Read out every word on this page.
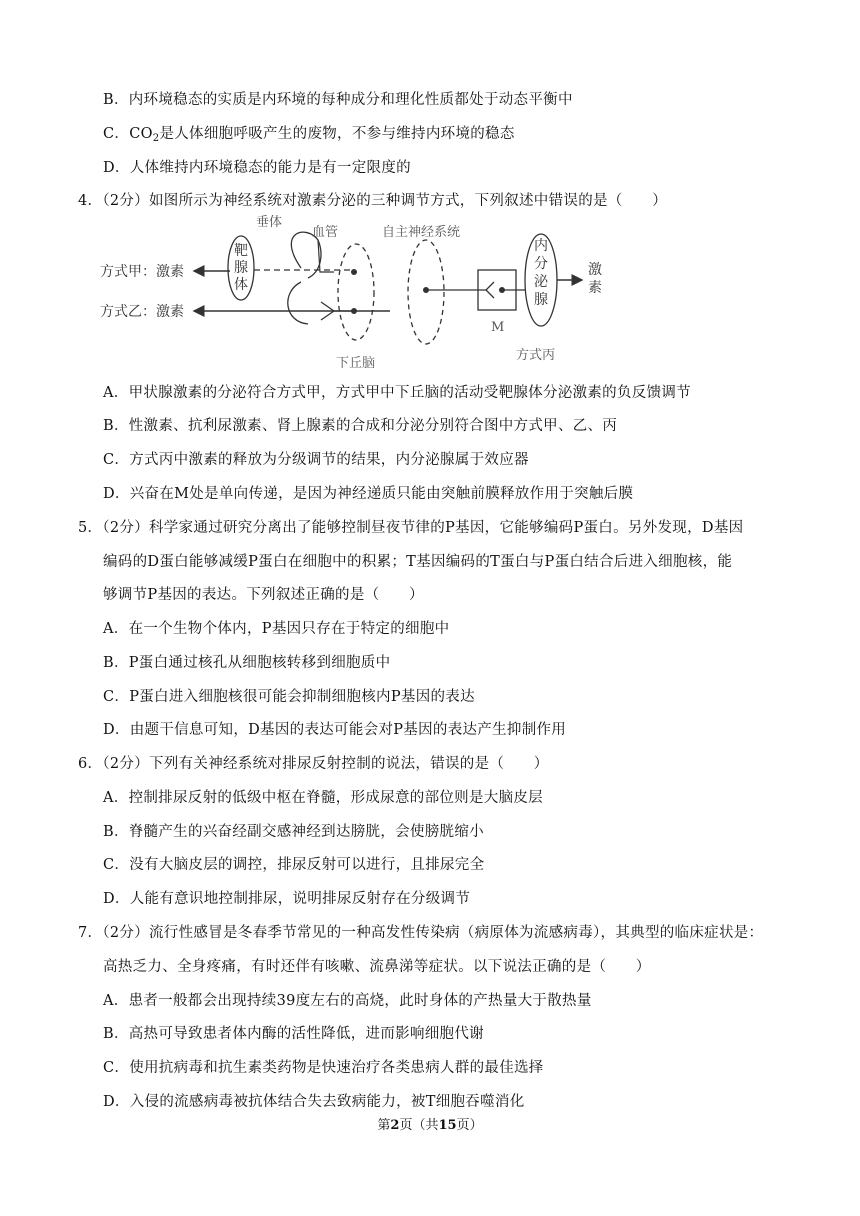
B．内环境稳态的实质是内环境的每种成分和理化性质都处于动态平衡中
C．$CO_2$是人体细胞呼吸产生的废物，不参与维持内环境的稳态
D．人体维持内环境稳态的能力是有一定限度的
4．（2分）如图所示为神经系统对激素分泌的三种调节方式，下列叙述中错误的是（　　）
方式甲：激素
方式乙：激素
靶
腺
体
垂体
血管
下丘脑
自主神经系统
M
内
分
泌
腺
激
素
方式丙
A．甲状腺激素的分泌符合方式甲，方式甲中下丘脑的活动受靶腺体分泌激素的负反馈调节
B．性激素、抗利尿激素、肾上腺素的合成和分泌分别符合图中方式甲、乙、丙
C．方式丙中激素的释放为分级调节的结果，内分泌腺属于效应器
D．兴奋在M处是单向传递，是因为神经递质只能由突触前膜释放作用于突触后膜
5．（2分）科学家通过研究分离出了能够控制昼夜节律的P基因，它能够编码P蛋白。另外发现，D基因
编码的D蛋白能够减缓P蛋白在细胞中的积累；T基因编码的T蛋白与P蛋白结合后进入细胞核，能
够调节P基因的表达。下列叙述正确的是（　　）
A．在一个生物个体内，P基因只存在于特定的细胞中
B．P蛋白通过核孔从细胞核转移到细胞质中
C．P蛋白进入细胞核很可能会抑制细胞核内P基因的表达
D．由题干信息可知，D基因的表达可能会对P基因的表达产生抑制作用
6．（2分）下列有关神经系统对排尿反射控制的说法，错误的是（　　）
A．控制排尿反射的低级中枢在脊髓，形成尿意的部位则是大脑皮层
B．脊髓产生的兴奋经副交感神经到达膀胱，会使膀胱缩小
C．没有大脑皮层的调控，排尿反射可以进行，且排尿完全
D．人能有意识地控制排尿，说明排尿反射存在分级调节
7．（2分）流行性感冒是冬春季节常见的一种高发性传染病（病原体为流感病毒），其典型的临床症状是：
高热乏力、全身疼痛，有时还伴有咳嗽、流鼻涕等症状。以下说法正确的是（　　）
A．患者一般都会出现持续39度左右的高烧，此时身体的产热量大于散热量
B．高热可导致患者体内酶的活性降低，进而影响细胞代谢
C．使用抗病毒和抗生素类药物是快速治疗各类患病人群的最佳选择
D．入侵的流感病毒被抗体结合失去致病能力，被T细胞吞噬消化
第2页（共15页）
